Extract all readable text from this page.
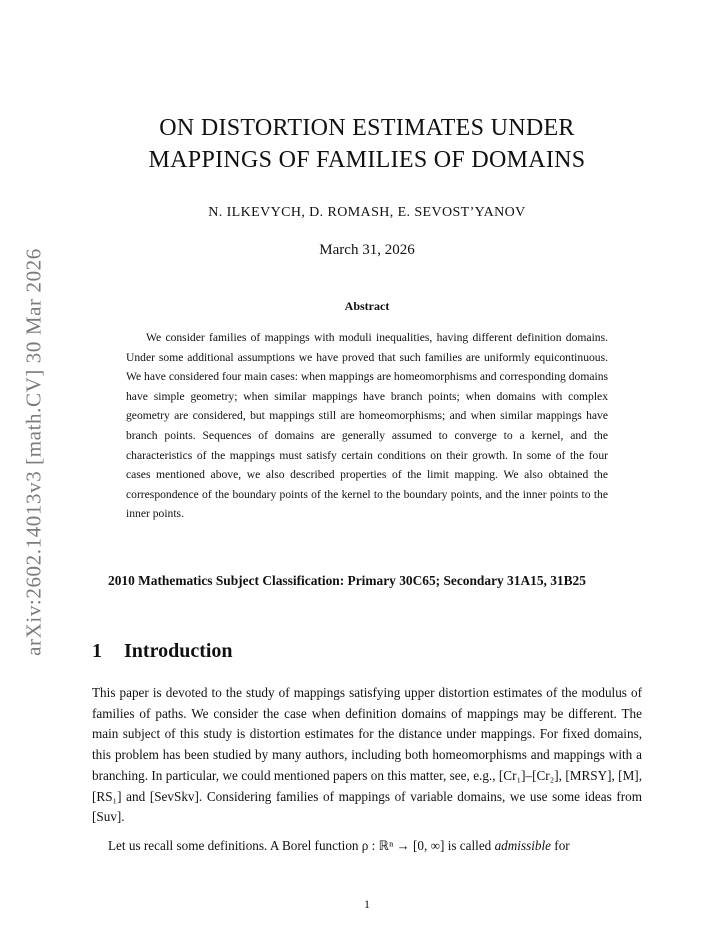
arXiv:2602.14013v3 [math.CV] 30 Mar 2026
ON DISTORTION ESTIMATES UNDER
MAPPINGS OF FAMILIES OF DOMAINS
N. ILKEVYCH, D. ROMASH, E. SEVOST’YANOV
March 31, 2026
Abstract

We consider families of mappings with moduli inequalities, having different definition domains. Under some additional assumptions we have proved that such families are uniformly equicontinuous. We have considered four main cases: when mappings are homeomorphisms and corresponding domains have simple geometry; when similar mappings have branch points; when domains with complex geometry are considered, but mappings still are homeomorphisms; and when similar mappings have branch points. Sequences of domains are generally assumed to converge to a kernel, and the characteristics of the mappings must satisfy certain conditions on their growth. In some of the four cases mentioned above, we also described properties of the limit mapping. We also obtained the correspondence of the boundary points of the kernel to the boundary points, and the inner points to the inner points.

2010 Mathematics Subject Classification: Primary 30C65; Secondary 31A15, 31B25

1 Introduction

This paper is devoted to the study of mappings satisfying upper distortion estimates of the modulus of families of paths. We consider the case when definition domains of mappings may be different. The main subject of this study is distortion estimates for the distance under mappings. For fixed domains, this problem has been studied by many authors, including both homeomorphisms and mappings with a branching. In particular, we could mentioned papers on this matter, see, e.g., [Cr₁]–[Cr₂], [MRSY], [M], [RS₁] and [SevSkv]. Considering families of mappings of variable domains, we use some ideas from [Suv].

Let us recall some definitions. A Borel function ρ : ℝⁿ → [0, ∞] is called admissible for

1
